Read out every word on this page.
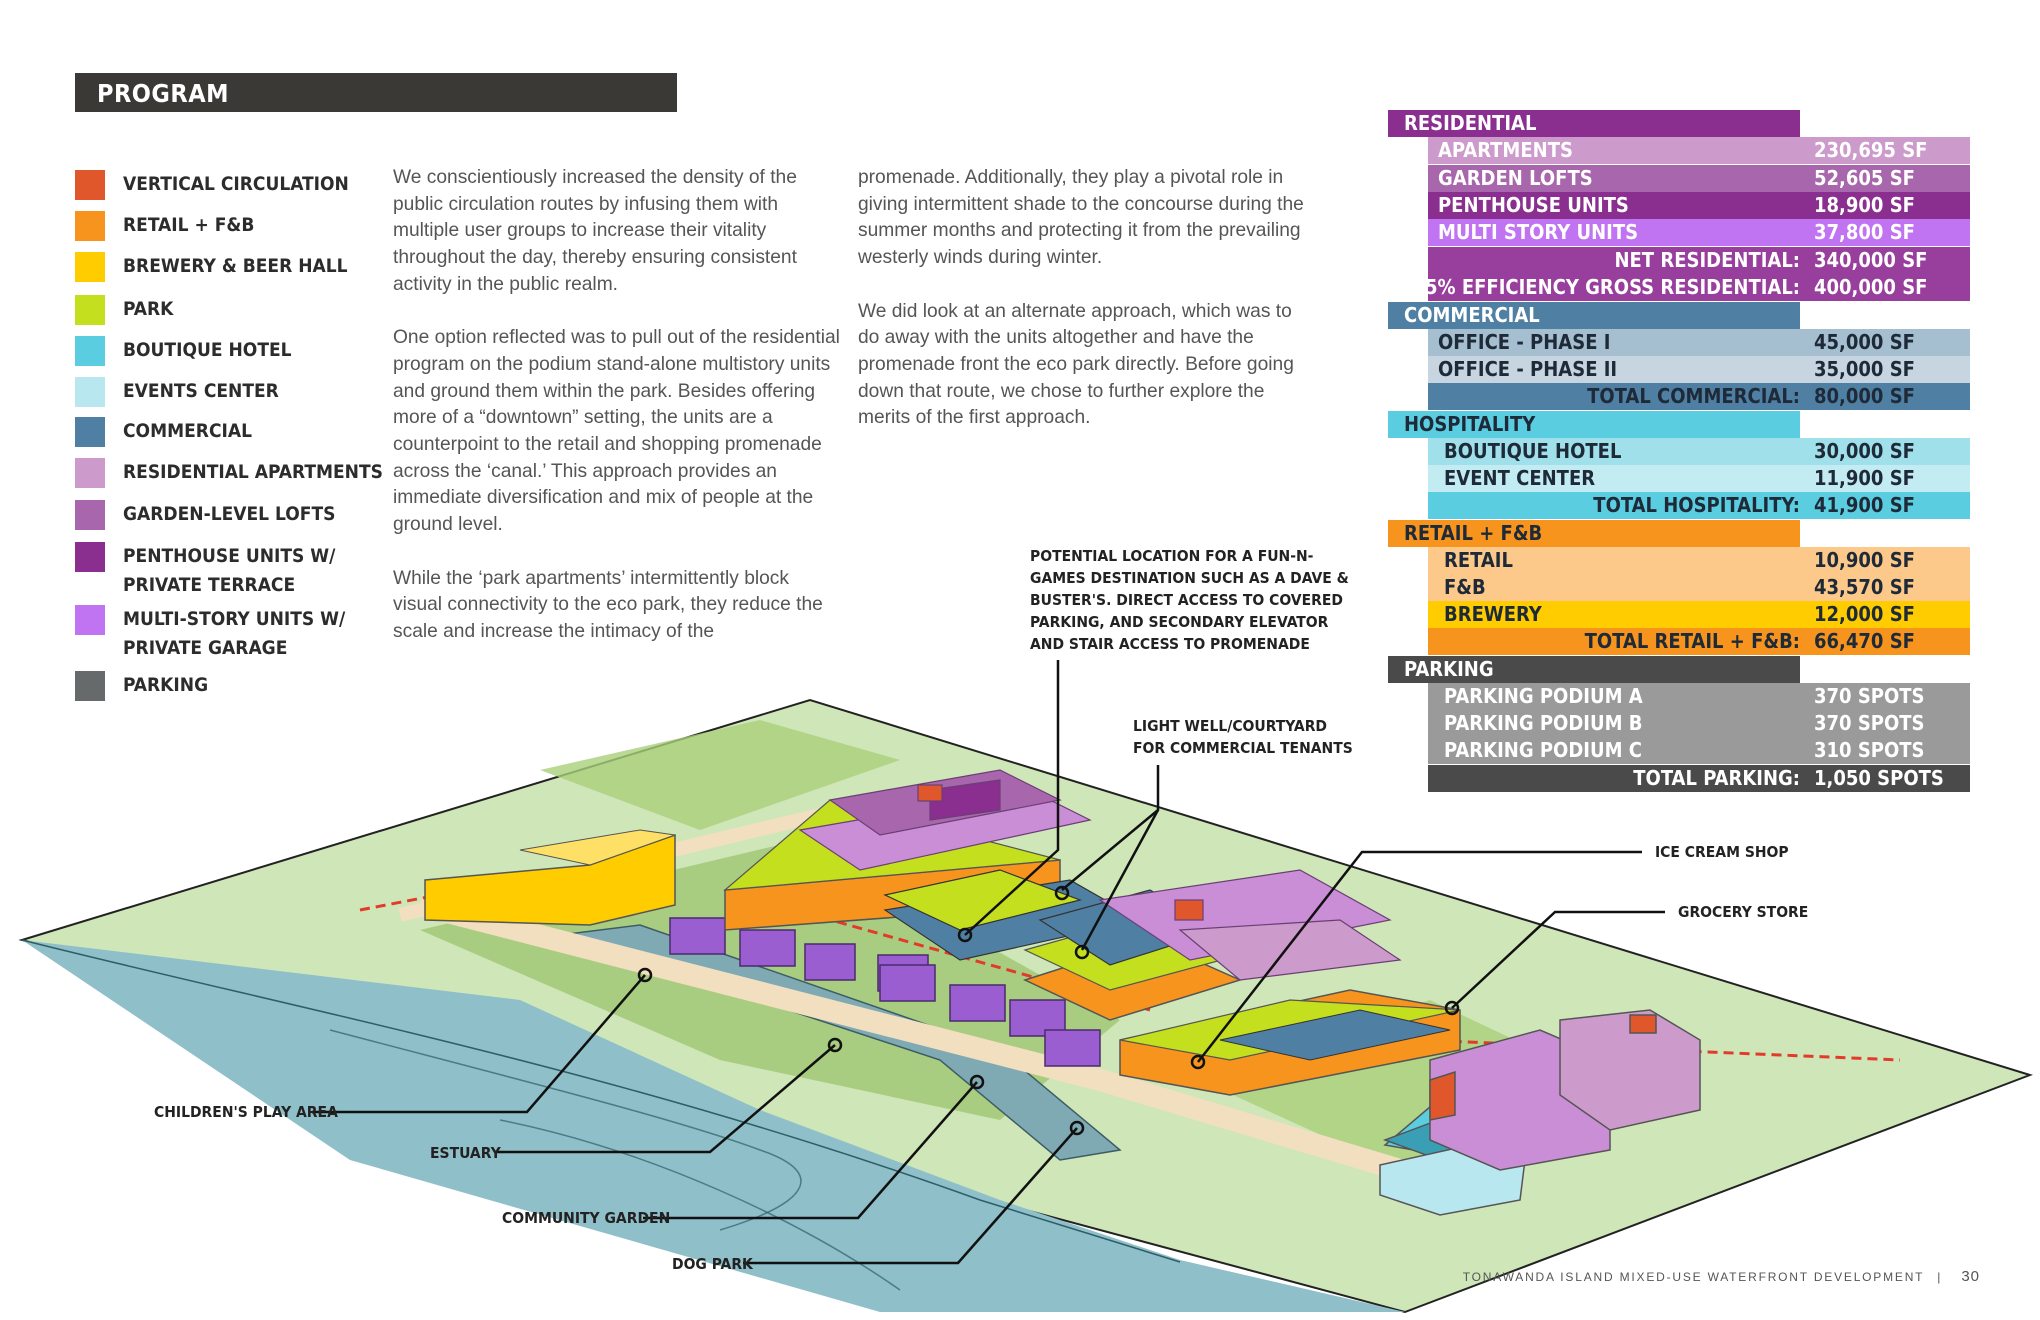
PROGRAM
VERTICAL CIRCULATION
RETAIL + F&B
BREWERY & BEER HALL
PARK
BOUTIQUE HOTEL
EVENTS CENTER
COMMERCIAL
RESIDENTIAL APARTMENTS
GARDEN-LEVEL LOFTS
PENTHOUSE UNITS W/
PRIVATE TERRACE
MULTI-STORY UNITS W/
PRIVATE GARAGE
PARKING

We conscientiously increased the density of the public circulation routes by infusing them with multiple user groups to increase their vitality throughout the day, thereby ensuring consistent activity in the public realm.

One option reflected was to pull out of the residential program on the podium stand-alone multistory units and ground them within the park. Besides offering more of a “downtown” setting, the units are a counterpoint to the retail and shopping promenade across the ‘canal.’ This approach provides an immediate diversification and mix of people at the ground level.

While the ‘park apartments’ intermittently block visual connectivity to the eco park, they reduce the scale and increase the intimacy of the

promenade. Additionally, they play a pivotal role in giving intermittent shade to the concourse during the summer months and protecting it from the prevailing westerly winds during winter.

We did look at an alternate approach, which was to do away with the units altogether and have the promenade front the eco park directly. Before going down that route, we chose to further explore the merits of the first approach.

RESIDENTIAL
APARTMENTS	230,695 SF
GARDEN LOFTS	52,605 SF
PENTHOUSE UNITS	18,900 SF
MULTI STORY UNITS	37,800 SF
NET RESIDENTIAL: 340,000 SF
@85% EFFICIENCY GROSS RESIDENTIAL: 400,000 SF
COMMERCIAL
OFFICE - PHASE I	45,000 SF
OFFICE - PHASE II	35,000 SF
TOTAL COMMERCIAL: 80,000 SF
HOSPITALITY
BOUTIQUE HOTEL	30,000 SF
EVENT CENTER	11,900 SF
TOTAL HOSPITALITY: 41,900 SF
RETAIL + F&B
RETAIL	10,900 SF
F&B	43,570 SF
BREWERY	12,000 SF
TOTAL RETAIL + F&B: 66,470 SF
PARKING
PARKING PODIUM A	370 SPOTS
PARKING PODIUM B	370 SPOTS
PARKING PODIUM C	310 SPOTS
TOTAL PARKING: 1,050 SPOTS
POTENTIAL LOCATION FOR A FUN-N-
GAMES DESTINATION SUCH AS A DAVE &
BUSTER'S. DIRECT ACCESS TO COVERED
PARKING, AND SECONDARY ELEVATOR
AND STAIR ACCESS TO PROMENADE
LIGHT WELL/COURTYARD
FOR COMMERCIAL TENANTS
ICE CREAM SHOP
GROCERY STORE
CHILDREN'S PLAY AREA
ESTUARY
COMMUNITY GARDEN
DOG PARK
TONAWANDA ISLAND MIXED-USE WATERFRONT DEVELOPMENT | 30
